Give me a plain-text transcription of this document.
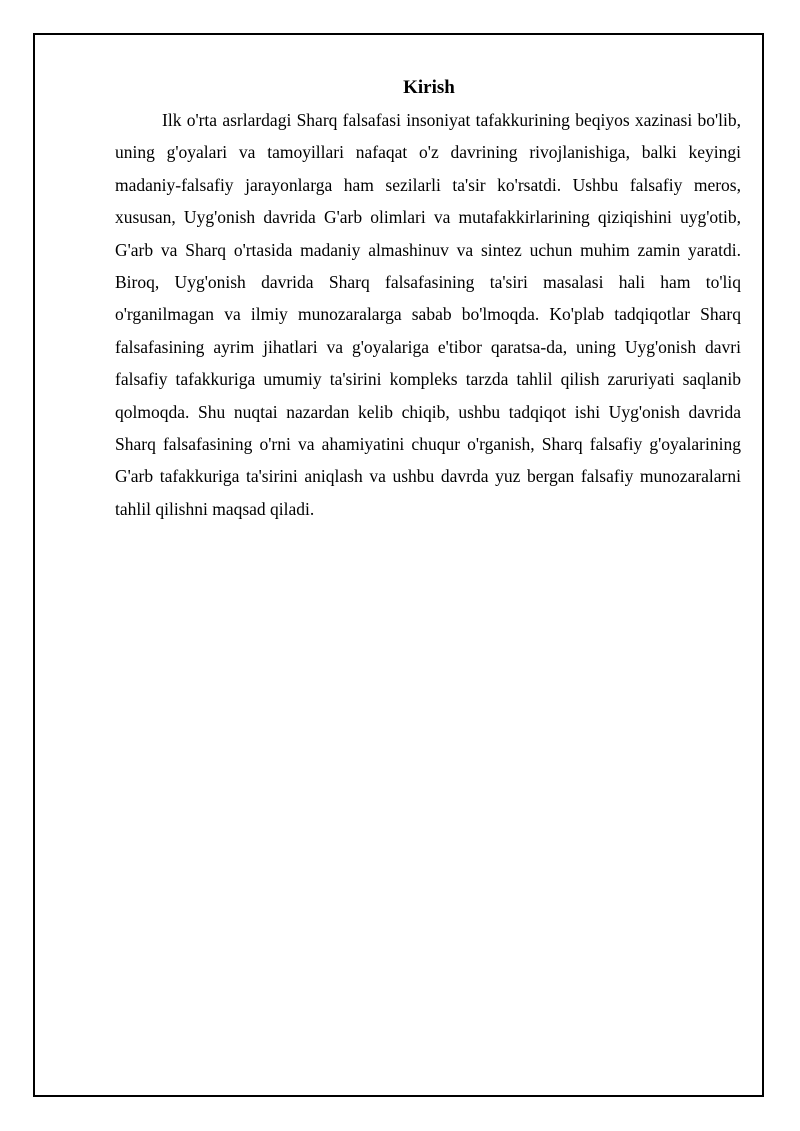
Kirish

Ilk o'rta asrlardagi Sharq falsafasi insoniyat tafakkurining beqiyos xazinasi bo'lib, uning g'oyalari va tamoyillari nafaqat o'z davrining rivojlanishiga, balki keyingi madaniy-falsafiy jarayonlarga ham sezilarli ta'sir ko'rsatdi. Ushbu falsafiy meros, xususan, Uyg'onish davrida G'arb olimlari va mutafakkirlarining qiziqishini uyg'otib, G'arb va Sharq o'rtasida madaniy almashinuv va sintez uchun muhim zamin yaratdi. Biroq, Uyg'onish davrida Sharq falsafasining ta'siri masalasi hali ham to'liq o'rganilmagan va ilmiy munozaralarga sabab bo'lmoqda. Ko'plab tadqiqotlar Sharq falsafasining ayrim jihatlari va g'oyalariga e'tibor qaratsa-da, uning Uyg'onish davri falsafiy tafakkuriga umumiy ta'sirini kompleks tarzda tahlil qilish zaruriyati saqlanib qolmoqda. Shu nuqtai nazardan kelib chiqib, ushbu tadqiqot ishi Uyg'onish davrida Sharq falsafasining o'rni va ahamiyatini chuqur o'rganish, Sharq falsafiy g'oyalarining G'arb tafakkuriga ta'sirini aniqlash va ushbu davrda yuz bergan falsafiy munozaralarni tahlil qilishni maqsad qiladi.
